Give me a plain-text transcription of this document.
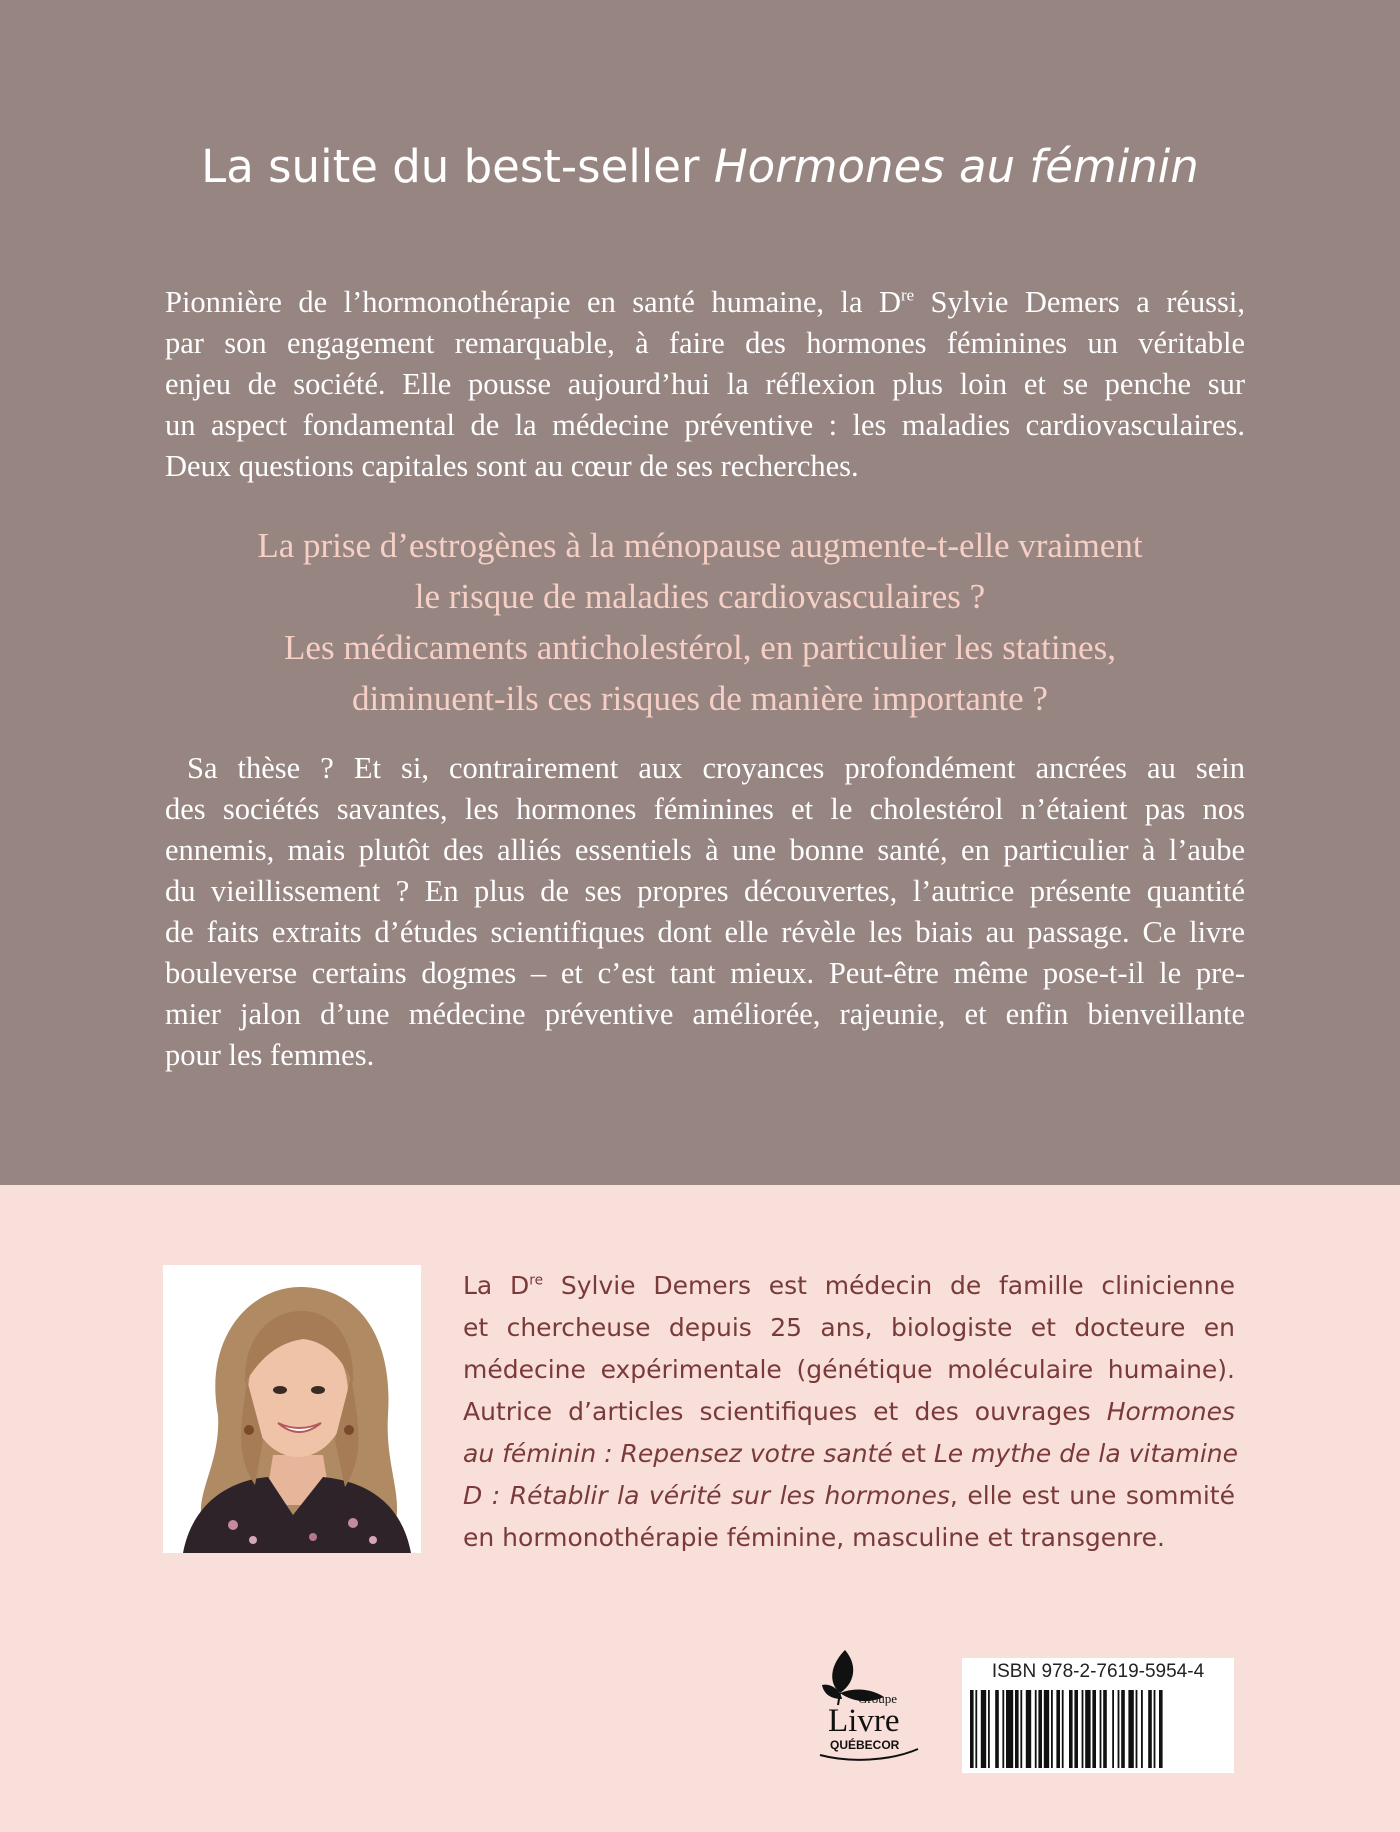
La suite du best-seller Hormones au féminin

Pionnière de l’hormonothérapie en santé humaine, la Dre Sylvie Demers a réussi,
par son engagement remarquable, à faire des hormones féminines un véritable
enjeu de société. Elle pousse aujourd’hui la réflexion plus loin et se penche sur
un aspect fondamental de la médecine préventive : les maladies cardiovasculaires.
Deux questions capitales sont au cœur de ses recherches.

La prise d’estrogènes à la ménopause augmente-t-elle vraiment
le risque de maladies cardiovasculaires ?
Les médicaments anticholestérol, en particulier les statines,
diminuent-ils ces risques de manière importante ?

Sa thèse ? Et si, contrairement aux croyances profondément ancrées au sein
des sociétés savantes, les hormones féminines et le cholestérol n’étaient pas nos
ennemis, mais plutôt des alliés essentiels à une bonne santé, en particulier à l’aube
du vieillissement ? En plus de ses propres découvertes, l’autrice présente quantité
de faits extraits d’études scientifiques dont elle révèle les biais au passage. Ce livre
bouleverse certains dogmes – et c’est tant mieux. Peut-être même pose-t-il le pre-
mier jalon d’une médecine préventive améliorée, rajeunie, et enfin bienveillante
pour les femmes.

La Dre Sylvie Demers est médecin de famille clinicienne
et chercheuse depuis 25 ans, biologiste et docteure en
médecine expérimentale (génétique moléculaire humaine).
Autrice d’articles scientifiques et des ouvrages Hormones
au féminin : Repensez votre santé et Le mythe de la vitamine
D : Rétablir la vérité sur les hormones, elle est une sommité
en hormonothérapie féminine, masculine et transgenre.

Groupe
Livre
QUÉBECOR
ISBN 978-2-7619-5954-4
